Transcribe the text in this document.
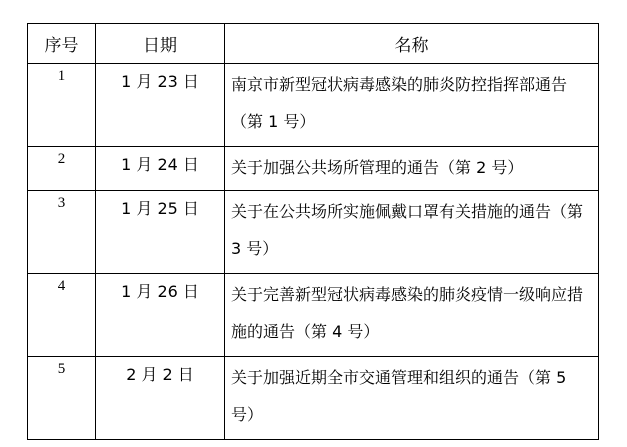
序号	日期	名称
1	1 月 23 日	南京市新型冠状病毒感染的肺炎防控指挥部通告（第 1 号）
2	1 月 24 日	关于加强公共场所管理的通告（第 2 号）
3	1 月 25 日	关于在公共场所实施佩戴口罩有关措施的通告（第 3 号）
4	1 月 26 日	关于完善新型冠状病毒感染的肺炎疫情一级响应措施的通告（第 4 号）
5	2 月 2 日	关于加强近期全市交通管理和组织的通告（第 5 号）
